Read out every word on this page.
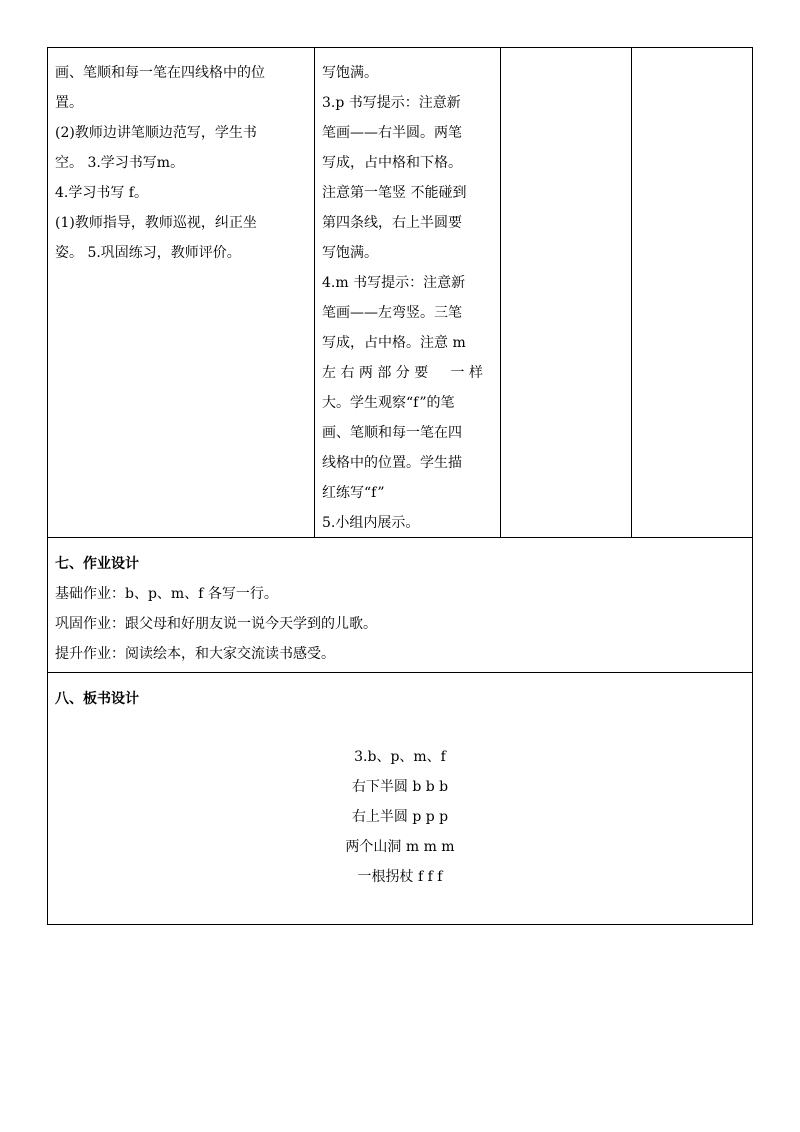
画、笔顺和每一笔在四线格中的位

置。

(2)教师边讲笔顺边范写，学生书

空。 3.学习书写m。

4.学习书写 f。

(1)教师指导，教师巡视，纠正坐

姿。 5.巩固练习，教师评价。

写饱满。

3.p 书写提示：注意新

笔画——右半圆。两笔

写成，占中格和下格。

注意第一笔竖 不能碰到

第四条线，右上半圆要

写饱满。

4.m 书写提示：注意新

笔画——左弯竖。三笔

写成，占中格。注意 m

左 右 两 部 分 要     一 样

大。学生观察“f”的笔

画、笔顺和每一笔在四

线格中的位置。学生描

红练写“f”

5.小组内展示。

七、作业设计

基础作业：b、p、m、f 各写一行。

巩固作业：跟父母和好朋友说一说今天学到的儿歌。

提升作业：阅读绘本，和大家交流读书感受。

八、板书设计

3.b、p、m、f

右下半圆 b b b

右上半圆 p p p

两个山洞 m m m

一根拐杖 f f f
